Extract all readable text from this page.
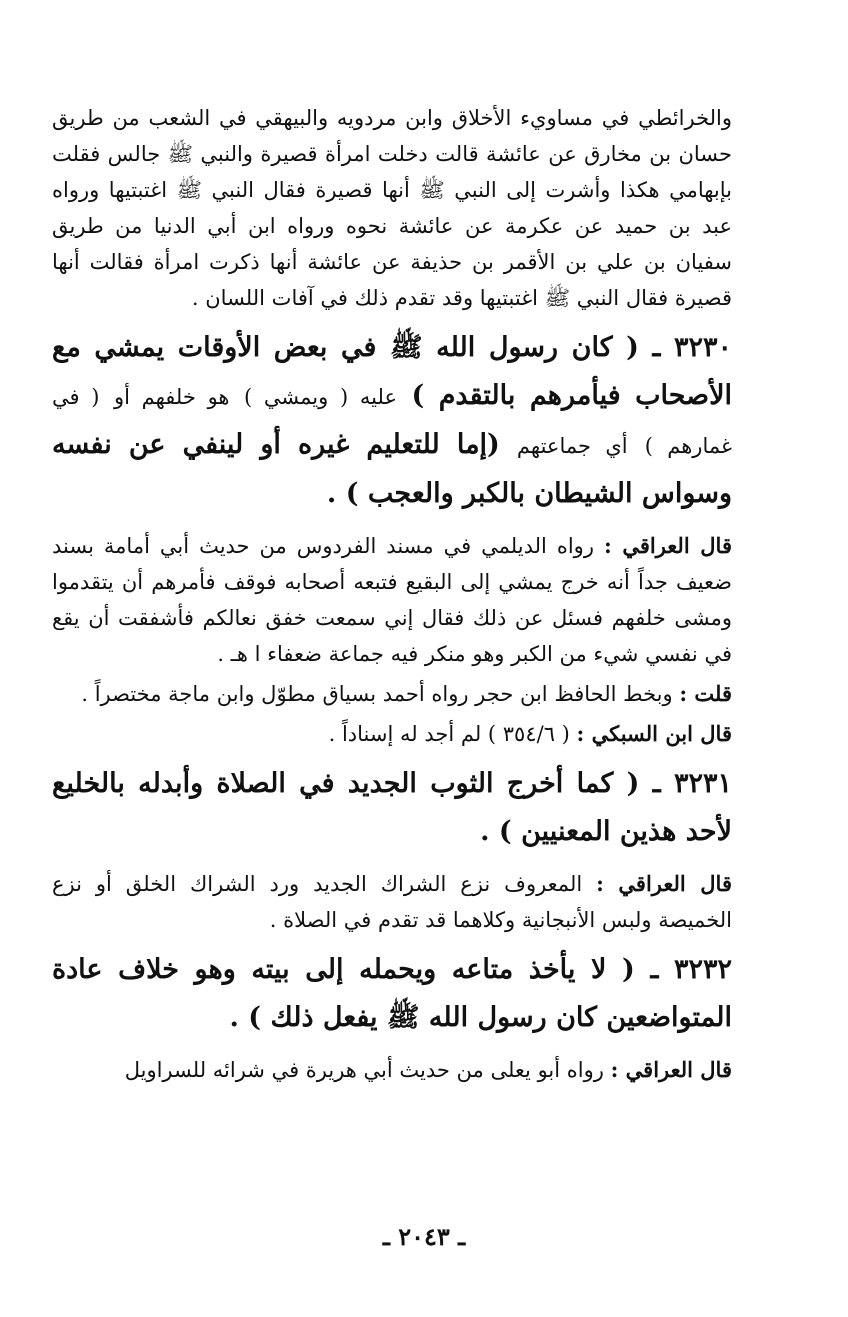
والخرائطي في مساويء الأخلاق وابن مردويه والبيهقي في الشعب من طريق حسان بن مخارق عن عائشة قالت دخلت امرأة قصيرة والنبي ﷺ جالس فقلت بإبهامي هكذا وأشرت إلى النبي ﷺ أنها قصيرة فقال النبي ﷺ اغتبتيها ورواه عبد بن حميد عن عكرمة عن عائشة نحوه ورواه ابن أبي الدنيا من طريق سفيان بن علي بن الأقمر بن حذيفة عن عائشة أنها ذكرت امرأة فقالت أنها قصيرة فقال النبي ﷺ اغتبتيها وقد تقدم ذلك في آفات اللسان .

٣٢٣٠ ـ ( كان رسول الله ﷺ في بعض الأوقات يمشي مع الأصحاب فيأمرهم بالتقدم ) عليه ( ويمشي ) هو خلفهم أو ( في غمارهم ) أي جماعتهم (إما للتعليم غيره أو لينفي عن نفسه وسواس الشيطان بالكبر والعجب ) .

قال العراقي : رواه الديلمي في مسند الفردوس من حديث أبي أمامة بسند ضعيف جداً أنه خرج يمشي إلى البقيع فتبعه أصحابه فوقف فأمرهم أن يتقدموا ومشى خلفهم فسئل عن ذلك فقال إني سمعت خفق نعالكم فأشفقت أن يقع في نفسي شيء من الكبر وهو منكر فيه جماعة ضعفاء ا هـ .

قلت : وبخط الحافظ ابن حجر رواه أحمد بسياق مطوّل وابن ماجة مختصراً .

قال ابن السبكي : ( ٣٥٤/٦ ) لم أجد له إسناداً .

٣٢٣١ ـ ( كما أخرج الثوب الجديد في الصلاة وأبدله بالخليع لأحد هذين المعنيين ) .

قال العراقي : المعروف نزع الشراك الجديد ورد الشراك الخلق أو نزع الخميصة ولبس الأنبجانية وكلاهما قد تقدم في الصلاة .

٣٢٣٢ ـ ( لا يأخذ متاعه ويحمله إلى بيته وهو خلاف عادة المتواضعين كان رسول الله ﷺ يفعل ذلك ) .

قال العراقي : رواه أبو يعلى من حديث أبي هريرة في شرائه للسراويل

ـ ٢٠٤٣ ـ
